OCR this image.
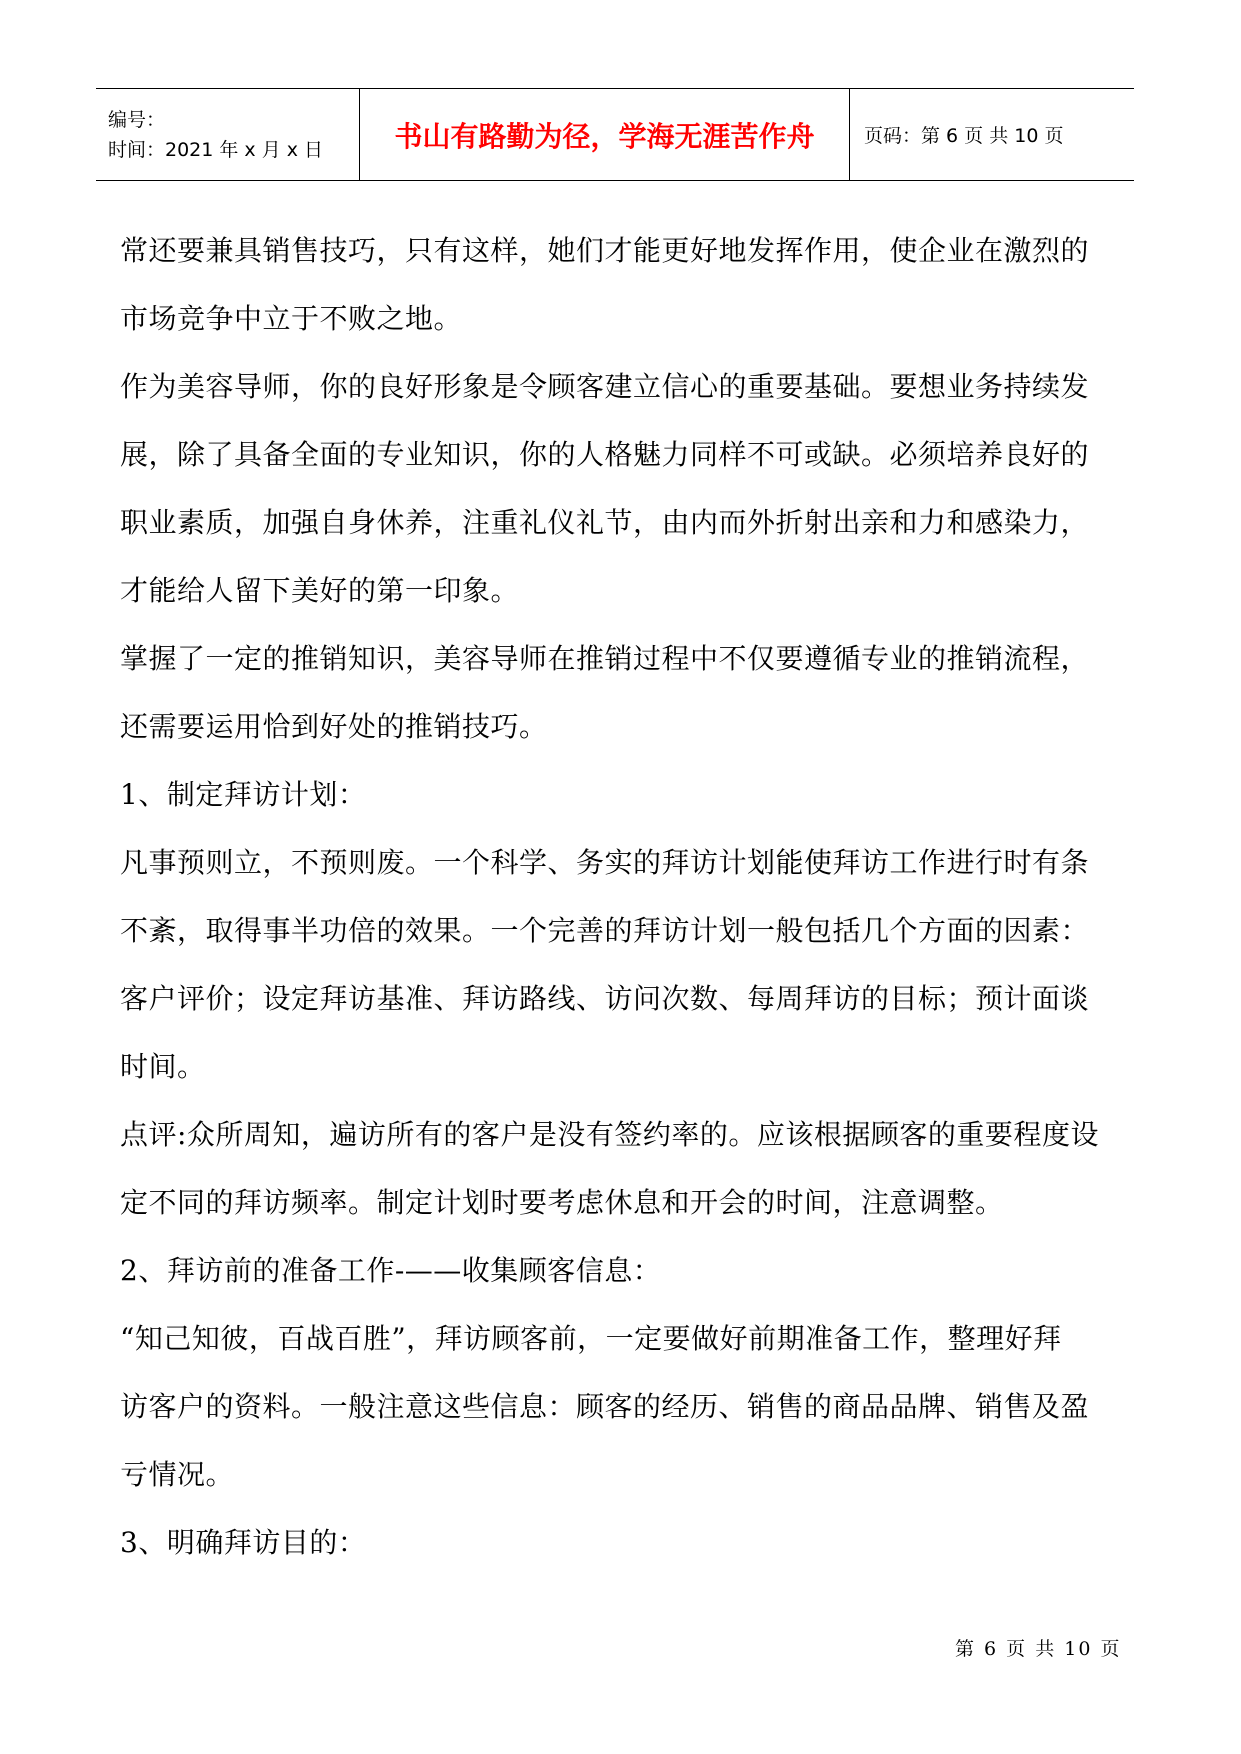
编号：
时间：2021 年 x 月 x 日	书山有路勤为径，学海无涯苦作舟	页码：第 6 页 共 10 页

常还要兼具销售技巧，只有这样，她们才能更好地发挥作用，使企业在激烈的

市场竞争中立于不败之地。

作为美容导师，你的良好形象是令顾客建立信心的重要基础。要想业务持续发

展，除了具备全面的专业知识，你的人格魅力同样不可或缺。必须培养良好的

职业素质，加强自身休养，注重礼仪礼节，由内而外折射出亲和力和感染力，

才能给人留下美好的第一印象。

掌握了一定的推销知识，美容导师在推销过程中不仅要遵循专业的推销流程，

还需要运用恰到好处的推销技巧。

1、制定拜访计划：

凡事预则立，不预则废。一个科学、务实的拜访计划能使拜访工作进行时有条

不紊，取得事半功倍的效果。一个完善的拜访计划一般包括几个方面的因素：

客户评价；设定拜访基准、拜访路线、访问次数、每周拜访的目标；预计面谈

时间。

点评:众所周知，遍访所有的客户是没有签约率的。应该根据顾客的重要程度设

定不同的拜访频率。制定计划时要考虑休息和开会的时间，注意调整。

2、拜访前的准备工作-——收集顾客信息：

“知己知彼，百战百胜”，拜访顾客前，一定要做好前期准备工作，整理好拜

访客户的资料。一般注意这些信息：顾客的经历、销售的商品品牌、销售及盈

亏情况。

3、明确拜访目的：

第 6 页 共 10 页
